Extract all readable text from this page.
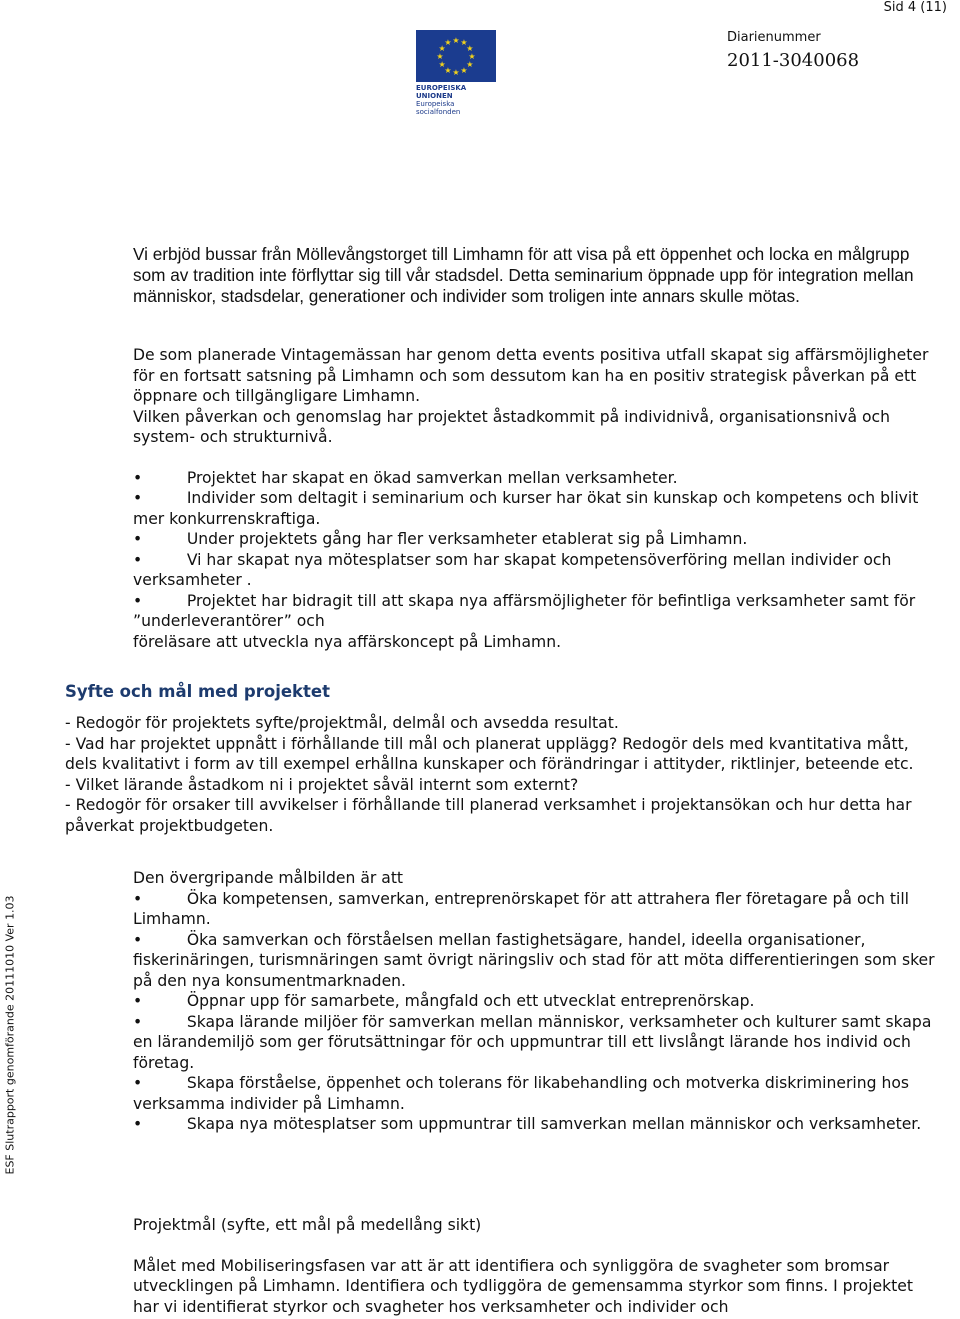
Sid 4 (11)
★
★
★
★
★
★
★
★
★ ★ ★
★
EUROPEISKA UNIONEN
Europeiska socialfonden
Diarienummer
2011-3040068
ESF Slutrapport genomförande 20111010 Ver 1.03
Vi erbjöd bussar från Möllevångstorget till Limhamn för att visa på ett öppenhet och locka en målgrupp som av tradition inte förflyttar sig till vår stadsdel. Detta seminarium öppnade upp för integration mellan människor, stadsdelar, generationer och individer som troligen inte annars skulle mötas.

De som planerade Vintagemässan har genom detta events positiva utfall skapat sig affärsmöjligheter för en fortsatt satsning på Limhamn och som dessutom kan ha en positiv strategisk påverkan på ett öppnare och tillgängligare Limhamn.

Vilken påverkan och genomslag har projektet åstadkommit på individnivå, organisationsnivå och system- och strukturnivå.

•         Projektet har skapat en ökad samverkan mellan verksamheter.

•         Individer som deltagit i seminarium och kurser har ökat sin kunskap och kompetens och blivit mer konkurrenskraftiga.

•         Under projektets gång har fler verksamheter etablerat sig på Limhamn.

•         Vi har skapat nya mötesplatser som har skapat kompetensöverföring mellan individer och verksamheter .

•         Projektet har bidragit till att skapa nya affärsmöjligheter för befintliga verksamheter samt för ”underleverantörer” och

föreläsare att utveckla nya affärskoncept på Limhamn.

Syfte och mål med projektet

- Redogör för projektets syfte/projektmål, delmål och avsedda resultat.

- Vad har projektet uppnått i förhållande till mål och planerat upplägg? Redogör dels med kvantitativa mått, dels kvalitativt i form av till exempel erhållna kunskaper och förändringar i attityder, riktlinjer, beteende etc.

- Vilket lärande åstadkom ni i projektet såväl internt som externt?

- Redogör för orsaker till avvikelser i förhållande till planerad verksamhet i projektansökan och hur detta har påverkat projektbudgeten.

Den övergripande målbilden är att

•         Öka kompetensen, samverkan, entreprenörskapet för att attrahera fler företagare på och till Limhamn.

•         Öka samverkan och förståelsen mellan fastighetsägare, handel, ideella organisationer, fiskerinäringen, turismnäringen samt övrigt näringsliv och stad för att möta differentieringen som sker på den nya konsumentmarknaden.

•         Öppnar upp för samarbete, mångfald och ett utvecklat entreprenörskap.

•         Skapa lärande miljöer för samverkan mellan människor, verksamheter och kulturer samt skapa en lärandemiljö som ger förutsättningar för och uppmuntrar till ett livslångt lärande hos individ och företag.

•         Skapa förståelse, öppenhet och tolerans för likabehandling och motverka diskriminering hos verksamma individer på Limhamn.

•         Skapa nya mötesplatser som uppmuntrar till samverkan mellan människor och verksamheter.

Projektmål (syfte, ett mål på medellång sikt)

Målet med Mobiliseringsfasen var att är att identifiera och synliggöra de svagheter som bromsar utvecklingen på Limhamn. Identifiera och tydliggöra de gemensamma styrkor som finns. I projektet har vi identifierat styrkor och svagheter hos verksamheter och individer och
